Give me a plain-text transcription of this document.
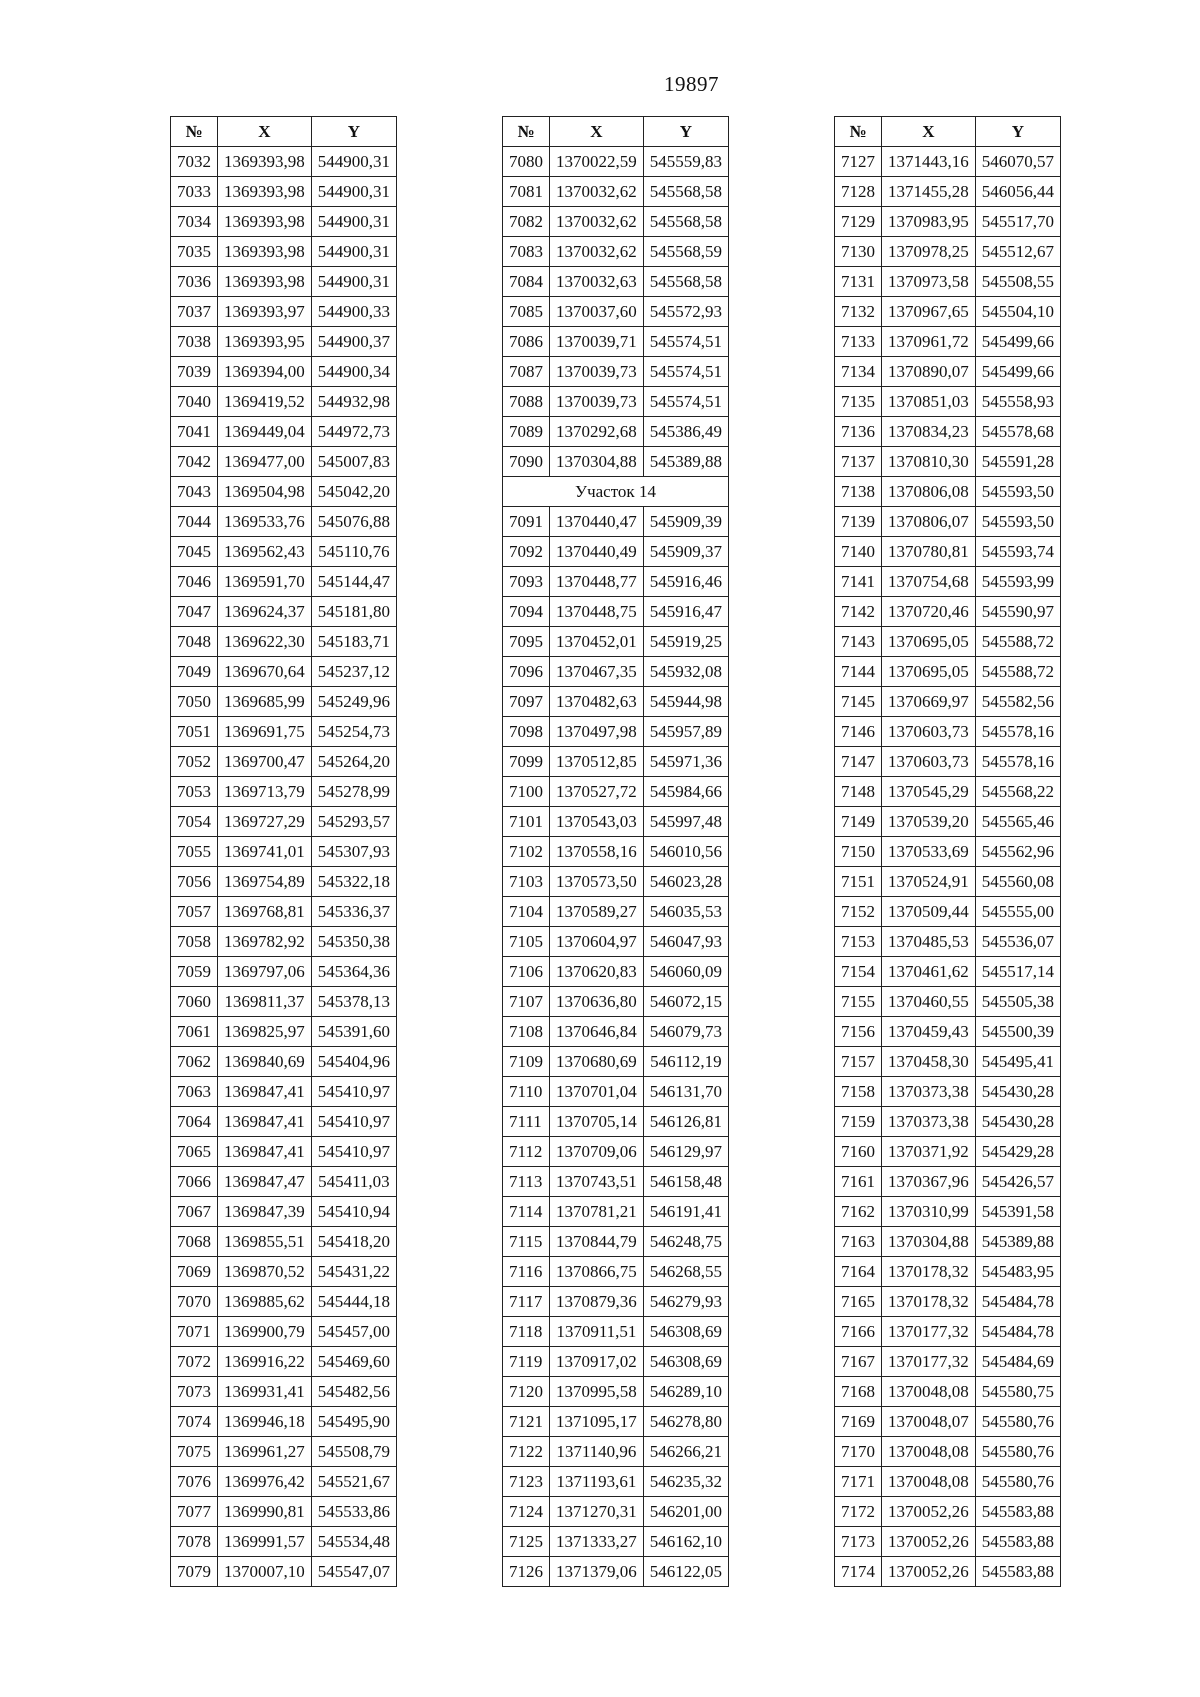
19897
№	X	Y
7032	1369393,98	544900,31
7033	1369393,98	544900,31
7034	1369393,98	544900,31
7035	1369393,98	544900,31
7036	1369393,98	544900,31
7037	1369393,97	544900,33
7038	1369393,95	544900,37
7039	1369394,00	544900,34
7040	1369419,52	544932,98
7041	1369449,04	544972,73
7042	1369477,00	545007,83
7043	1369504,98	545042,20
7044	1369533,76	545076,88
7045	1369562,43	545110,76
7046	1369591,70	545144,47
7047	1369624,37	545181,80
7048	1369622,30	545183,71
7049	1369670,64	545237,12
7050	1369685,99	545249,96
7051	1369691,75	545254,73
7052	1369700,47	545264,20
7053	1369713,79	545278,99
7054	1369727,29	545293,57
7055	1369741,01	545307,93
7056	1369754,89	545322,18
7057	1369768,81	545336,37
7058	1369782,92	545350,38
7059	1369797,06	545364,36
7060	1369811,37	545378,13
7061	1369825,97	545391,60
7062	1369840,69	545404,96
7063	1369847,41	545410,97
7064	1369847,41	545410,97
7065	1369847,41	545410,97
7066	1369847,47	545411,03
7067	1369847,39	545410,94
7068	1369855,51	545418,20
7069	1369870,52	545431,22
7070	1369885,62	545444,18
7071	1369900,79	545457,00
7072	1369916,22	545469,60
7073	1369931,41	545482,56
7074	1369946,18	545495,90
7075	1369961,27	545508,79
7076	1369976,42	545521,67
7077	1369990,81	545533,86
7078	1369991,57	545534,48
7079	1370007,10	545547,07
№	X	Y
7080	1370022,59	545559,83
7081	1370032,62	545568,58
7082	1370032,62	545568,58
7083	1370032,62	545568,59
7084	1370032,63	545568,58
7085	1370037,60	545572,93
7086	1370039,71	545574,51
7087	1370039,73	545574,51
7088	1370039,73	545574,51
7089	1370292,68	545386,49
7090	1370304,88	545389,88
Участок 14		
7091	1370440,47	545909,39
7092	1370440,49	545909,37
7093	1370448,77	545916,46
7094	1370448,75	545916,47
7095	1370452,01	545919,25
7096	1370467,35	545932,08
7097	1370482,63	545944,98
7098	1370497,98	545957,89
7099	1370512,85	545971,36
7100	1370527,72	545984,66
7101	1370543,03	545997,48
7102	1370558,16	546010,56
7103	1370573,50	546023,28
7104	1370589,27	546035,53
7105	1370604,97	546047,93
7106	1370620,83	546060,09
7107	1370636,80	546072,15
7108	1370646,84	546079,73
7109	1370680,69	546112,19
7110	1370701,04	546131,70
7111	1370705,14	546126,81
7112	1370709,06	546129,97
7113	1370743,51	546158,48
7114	1370781,21	546191,41
7115	1370844,79	546248,75
7116	1370866,75	546268,55
7117	1370879,36	546279,93
7118	1370911,51	546308,69
7119	1370917,02	546308,69
7120	1370995,58	546289,10
7121	1371095,17	546278,80
7122	1371140,96	546266,21
7123	1371193,61	546235,32
7124	1371270,31	546201,00
7125	1371333,27	546162,10
7126	1371379,06	546122,05
№	X	Y
7127	1371443,16	546070,57
7128	1371455,28	546056,44
7129	1370983,95	545517,70
7130	1370978,25	545512,67
7131	1370973,58	545508,55
7132	1370967,65	545504,10
7133	1370961,72	545499,66
7134	1370890,07	545499,66
7135	1370851,03	545558,93
7136	1370834,23	545578,68
7137	1370810,30	545591,28
7138	1370806,08	545593,50
7139	1370806,07	545593,50
7140	1370780,81	545593,74
7141	1370754,68	545593,99
7142	1370720,46	545590,97
7143	1370695,05	545588,72
7144	1370695,05	545588,72
7145	1370669,97	545582,56
7146	1370603,73	545578,16
7147	1370603,73	545578,16
7148	1370545,29	545568,22
7149	1370539,20	545565,46
7150	1370533,69	545562,96
7151	1370524,91	545560,08
7152	1370509,44	545555,00
7153	1370485,53	545536,07
7154	1370461,62	545517,14
7155	1370460,55	545505,38
7156	1370459,43	545500,39
7157	1370458,30	545495,41
7158	1370373,38	545430,28
7159	1370373,38	545430,28
7160	1370371,92	545429,28
7161	1370367,96	545426,57
7162	1370310,99	545391,58
7163	1370304,88	545389,88
7164	1370178,32	545483,95
7165	1370178,32	545484,78
7166	1370177,32	545484,78
7167	1370177,32	545484,69
7168	1370048,08	545580,75
7169	1370048,07	545580,76
7170	1370048,08	545580,76
7171	1370048,08	545580,76
7172	1370052,26	545583,88
7173	1370052,26	545583,88
7174	1370052,26	545583,88
